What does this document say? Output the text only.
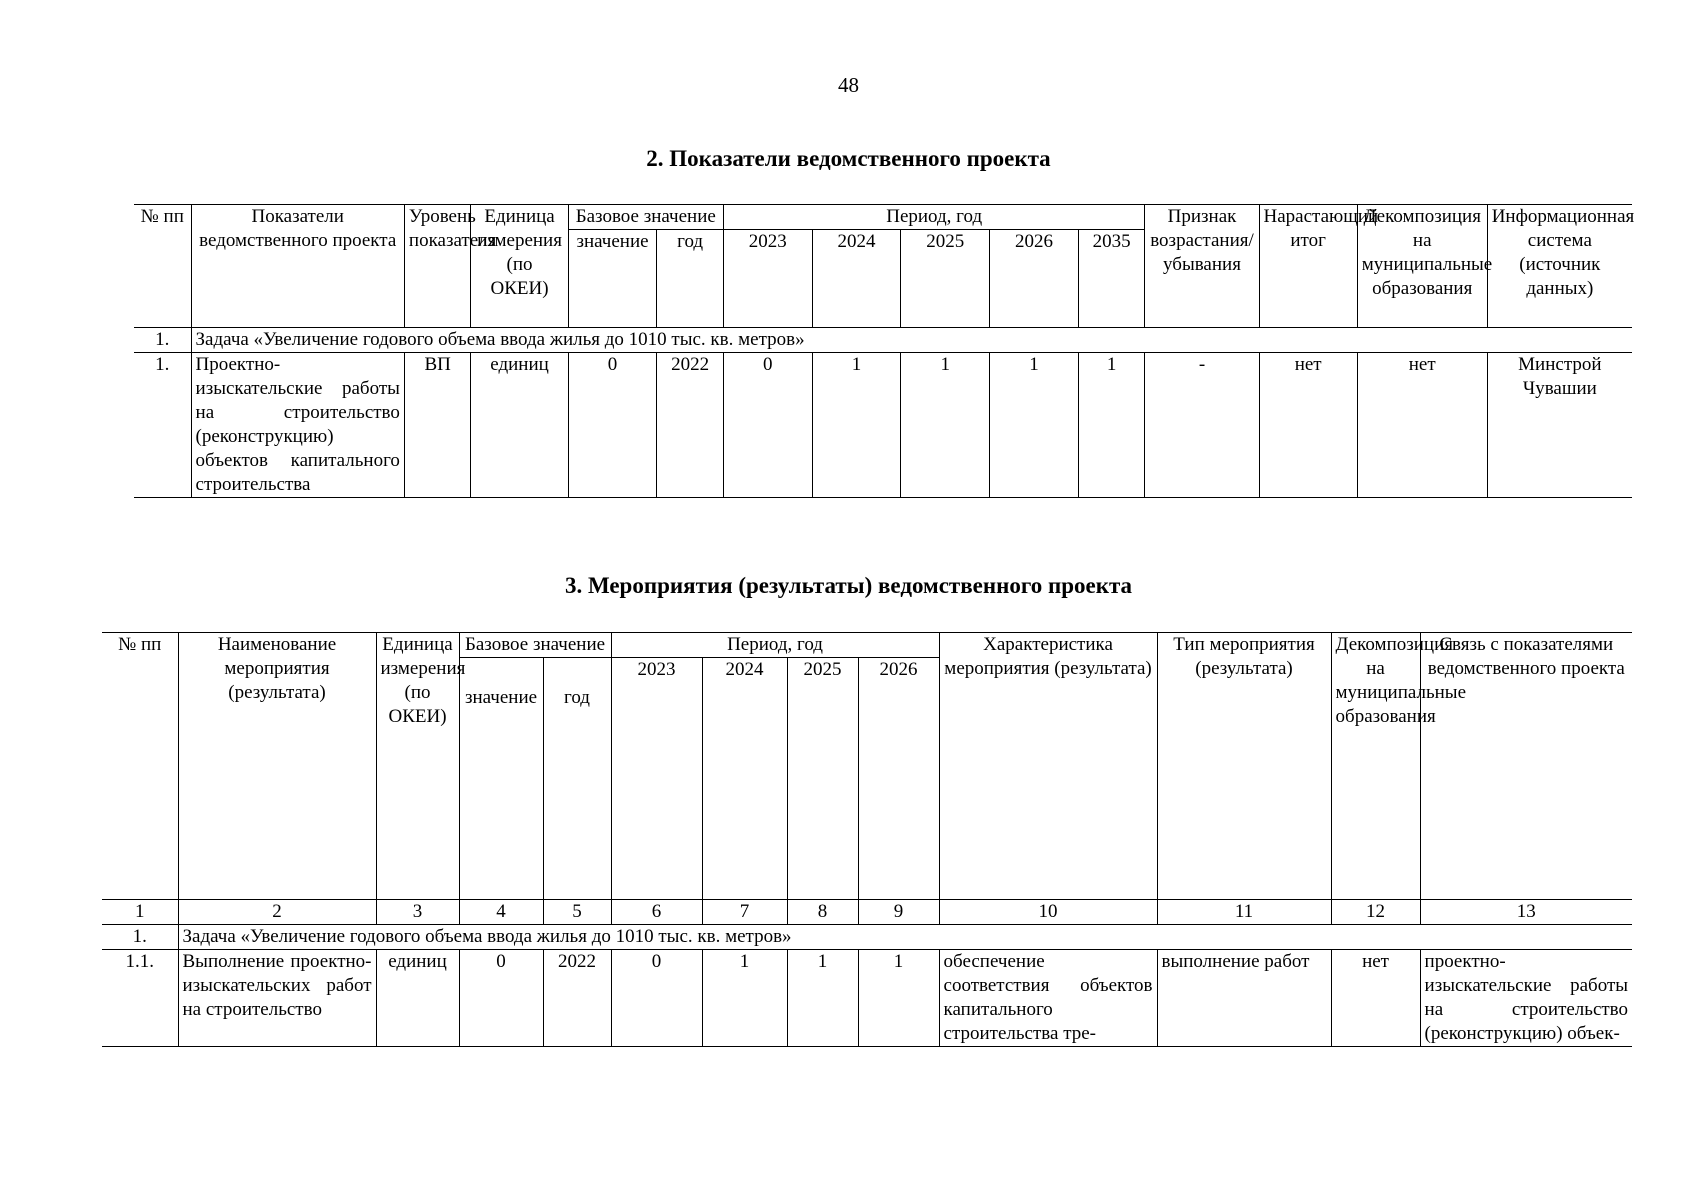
48
2. Показатели ведомственного проекта
№ пп	Показатели ведомственного проекта	Уровень показателя	Единица измерения (по ОКЕИ)	Базовое значение		Период, год					Признак возрастания/ убывания	Нарастающий итог	Декомпозиция на муниципальные образования	Информационная система (источник данных)
				значение	год	2023	2024	2025	2026	2035				
1.	Задача «Увеличение годового объема ввода жилья до 1010 тыс. кв. метров»													
1.	Проектно-изыскательские работы на строительство (реконструкцию) объектов капитального строительства	ВП	единиц	0	2022	0	1	1	1	1	-	нет	нет	Минстрой Чувашии
3. Мероприятия (результаты) ведомственного проекта
№ пп	Наименование мероприятия (результата)	Единица измерения (по ОКЕИ)	Базовое значение		Период, год				Характеристика мероприятия (результата)	Тип мероприятия (результата)	Декомпозиция на муниципальные образования	Связь с показателями ведомственного проекта
			значение	год	2023	2024	2025	2026				

1	2	3	4	5	6	7	8	9	10	11	12	13
1.	Задача «Увеличение годового объема ввода жилья до 1010 тыс. кв. метров»											
1.1.	Выполнение проектно-изыскательских работ на строительство	единиц	0	2022	0	1	1	1	обеспечение соответствия объектов капитального строительства тре-	выполнение работ	нет	проектно-изыскательские работы на строительство (реконструкцию) объек-
